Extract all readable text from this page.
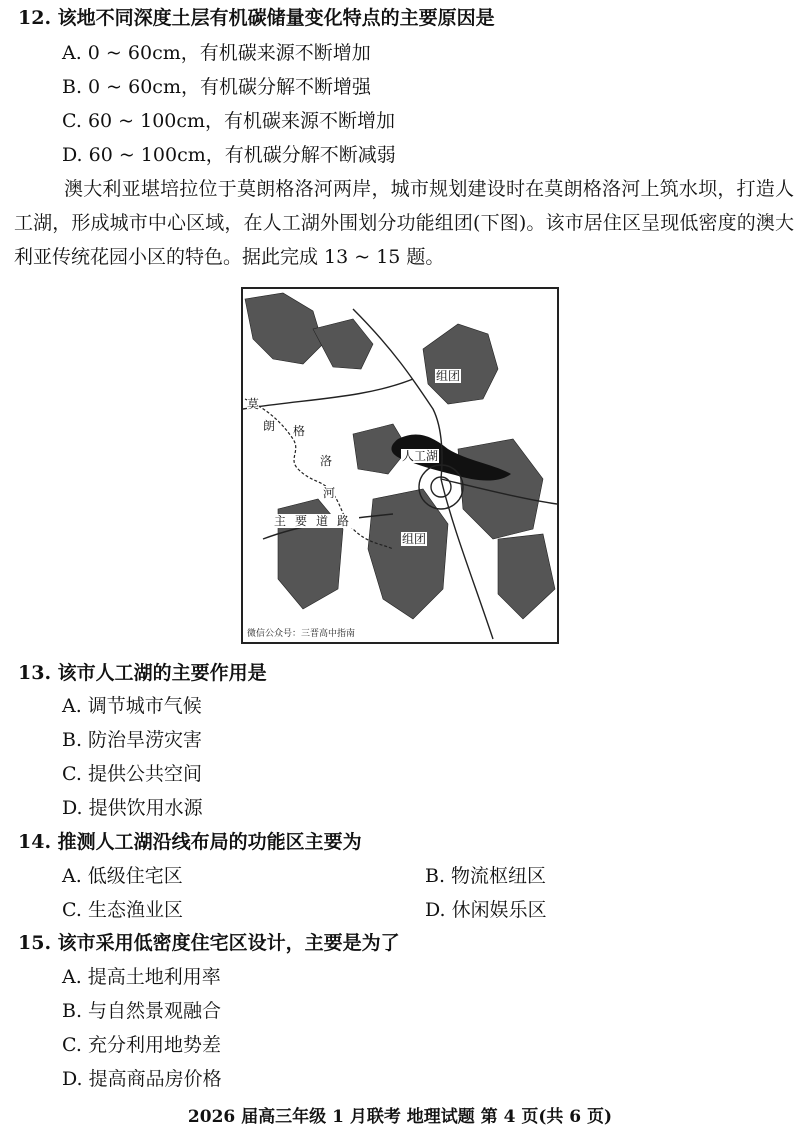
12. 该地不同深度土层有机碳储量变化特点的主要原因是
A. 0 ~ 60cm，有机碳来源不断增加
B. 0 ~ 60cm，有机碳分解不断增强
C. 60 ~ 100cm，有机碳来源不断增加
D. 60 ~ 100cm，有机碳分解不断减弱
澳大利亚堪培拉位于莫朗格洛河两岸，城市规划建设时在莫朗格洛河上筑水坝，打造人工湖，形成城市中心区域，在人工湖外围划分功能组团(下图)。该市居住区呈现低密度的澳大利亚传统花园小区的特色。据此完成 13 ~ 15 题。
组团
人工湖
组团
主要道路
莫
朗 格
洛
河
微信公众号：三晋高中指南
13. 该市人工湖的主要作用是
A. 调节城市气候
B. 防治旱涝灾害
C. 提供公共空间
D. 提供饮用水源
14. 推测人工湖沿线布局的功能区主要为
A. 低级住宅区	B. 物流枢纽区
C. 生态渔业区	D. 休闲娱乐区
15. 该市采用低密度住宅区设计，主要是为了
A. 提高土地利用率
B. 与自然景观融合
C. 充分利用地势差
D. 提高商品房价格
2026 届高三年级 1 月联考 地理试题 第 4 页(共 6 页)
